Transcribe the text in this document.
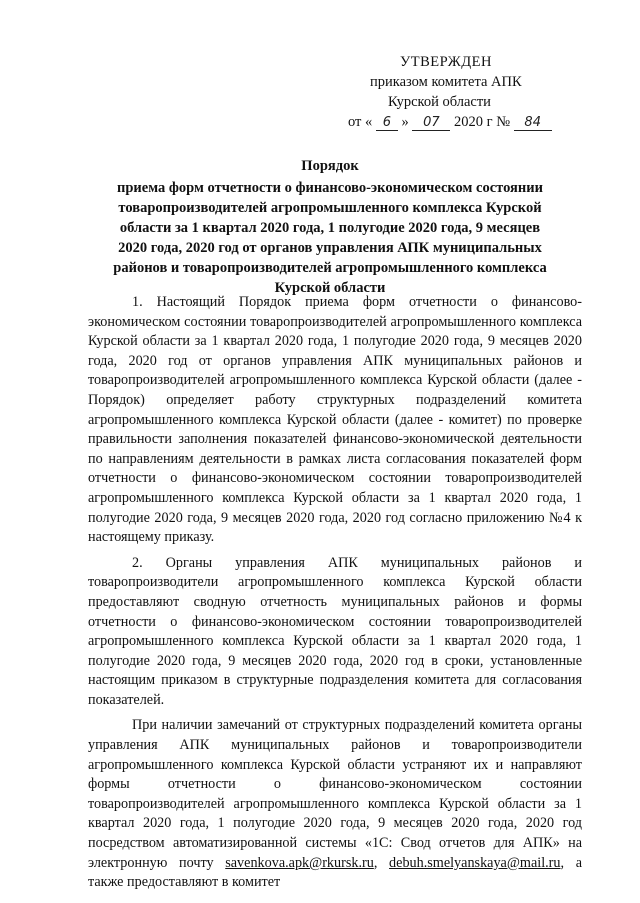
УТВЕРЖДЕН
приказом комитета АПК
Курской области
от « 6 » 07 2020 г № 84
Порядок
приема форм отчетности о финансово-экономическом состоянии товаропроизводителей агропромышленного комплекса Курской области за 1 квартал 2020 года, 1 полугодие 2020 года, 9 месяцев 2020 года, 2020 год от органов управления АПК муниципальных районов и товаропроизводителей агропромышленного комплекса Курской области

1. Настоящий Порядок приема форм отчетности о финансово-экономическом состоянии товаропроизводителей агропромышленного комплекса Курской области за 1 квартал 2020 года, 1 полугодие 2020 года, 9 месяцев 2020 года, 2020 год от органов управления АПК муниципальных районов и товаропроизводителей агропромышленного комплекса Курской области (далее - Порядок) определяет работу структурных подразделений комитета агропромышленного комплекса Курской области (далее - комитет) по проверке правильности заполнения показателей финансово-экономической деятельности по направлениям деятельности в рамках листа согласования показателей форм отчетности о финансово-экономическом состоянии товаропроизводителей агропромышленного комплекса Курской области за 1 квартал 2020 года, 1 полугодие 2020 года, 9 месяцев 2020 года, 2020 год согласно приложению №4 к настоящему приказу.

2. Органы управления АПК муниципальных районов и товаропроизводители агропромышленного комплекса Курской области предоставляют сводную отчетность муниципальных районов и формы отчетности о финансово-экономическом состоянии товаропроизводителей агропромышленного комплекса Курской области за 1 квартал 2020 года, 1 полугодие 2020 года, 9 месяцев 2020 года, 2020 год в сроки, установленные настоящим приказом в структурные подразделения комитета для согласования показателей.

При наличии замечаний от структурных подразделений комитета органы управления АПК муниципальных районов и товаропроизводители агропромышленного комплекса Курской области устраняют их и направляют формы отчетности о финансово-экономическом состоянии товаропроизводителей агропромышленного комплекса Курской области за 1 квартал 2020 года, 1 полугодие 2020 года, 9 месяцев 2020 года, 2020 год посредством автоматизированной системы «1С: Свод отчетов для АПК» на электронную почту savenkova.apk@rkursk.ru, debuh.smelyanskaya@mail.ru, а также предоставляют в комитет
